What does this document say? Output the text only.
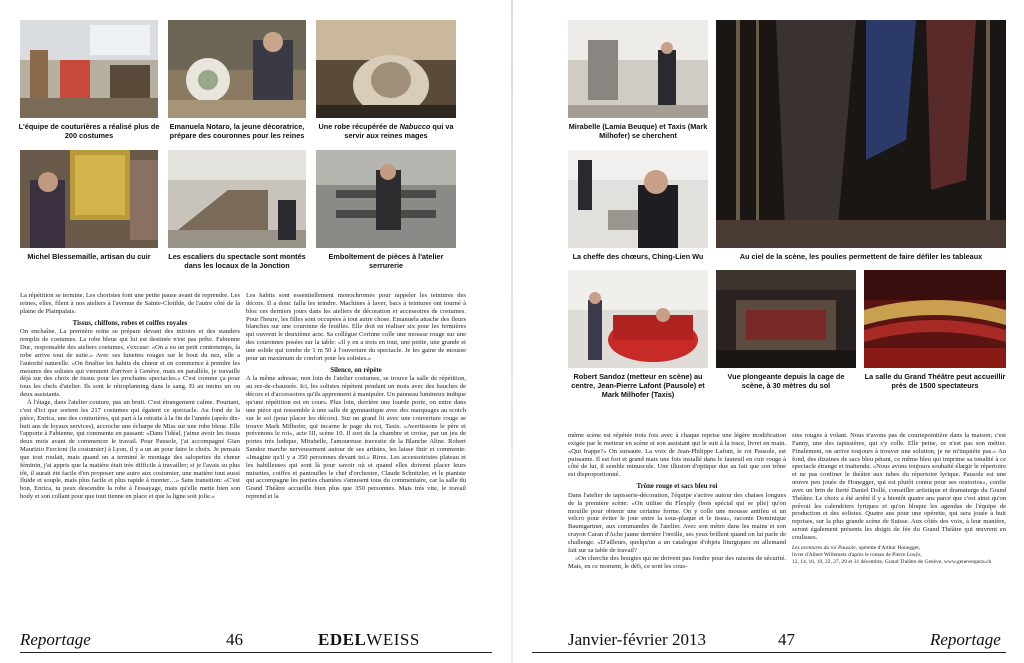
L'équipe de couturières a réalisé plus de 200 costumes
Emanuela Notaro, la jeune décoratrice, prépare des couronnes pour les reines
Une robe récupérée de Nabucco qui va servir aux reines mages
Michel Blessemaille, artisan du cuir	Les escaliers du spectacle sont montés dans les locaux de la Jonction
Emboîtement de pièces à l'atelier serrurerie

La répétition se termine. Les choristes font une petite pause avant de reprendre. Les reines, elles, filent à nos ateliers à l'avenue de Sainte-Clotilde, de l'autre côté de la plaine de Plainpalais.

Tissus, chiffons, robes et coiffes royales

On enchaîne. La première reine se prépare devant des miroirs et des standers remplis de costumes. La robe bleue qui lui est destinée n'est pas prête. Fabienne Duc, responsable des ateliers costumes, s'excuse: «On a eu un petit contretemps, la robe arrive tout de suite.» Avec ses lunettes rouges sur le bout du nez, elle a l'autorité naturelle. «On finalise les habits du chœur et on commence à prendre les mesures des solistes qui viennent d'arriver à Genève, mais en parallèle, je travaille déjà sur des choix de tissus pour les prochains spectacles.» C'est comme ça pour tous les chefs d'atelier. Ils sont le rétroplanning dans le sang. Et au moins un ou deux assistants.

À l'étage, dans l'atelier couture, pas un bruit. C'est étrangement calme. Pourtant, c'est d'ici que sortent les 217 costumes qui égaient ce spectacle. Au fond de la pièce, Enrica, une des couturières, qui part à la retraite à la fin de l'année (après dix-huit ans de loyaux services), accroche une écharpe de Miss sur une robe bleue. Elle l'apporte à Fabienne, qui commente en passant: «Dans l'idéal, j'aime avoir les tissus deux mois avant de commencer le travail. Pour Pausole, j'ai accompagné Gian Maurizio Fercioni (le costumier) à Lyon, il y a un an pour faire le choix. Je pensais que tout roulait, mais quand on a terminé le montage des salopettes du chœur féminin, j'ai appris que la matière était très difficile à travailler; si je l'avais su plus tôt, il aurait été facile d'en proposer une autre aux costumier, une matière tout aussi fluide et souple, mais plus facile et plus rapide à monter…» Sans transition: «C'est bon, Enrica, tu peux descendre la robe à l'essayage, mais qu'elle mette bien son body et son collant pour que tout tienne en place et que la ligne soit jolie.»

Les habits sont essentiellement monochromes pour rappeler les teintures des décors. Il a donc fallu les teindre. Machines à laver, bacs à teintures ont tourné à bloc ces derniers jours dans les ateliers de décoration et accessoires de costumes. Pour l'heure, les filles sont occupées à tout autre chose. Emanuela attache des fleurs blanches sur une couronne de feuilles. Elle doit en réaliser six pour les fermières qui ouvrent le deuxième acte. Sa collègue Corinne colle une mousse rouge sur une des couronnes posées sur la table: «Il y en a trois en tout, une petite, une grande et une solide qui tombe de 1 m 50 à l'ouverture du spectacle. Je les gaine de mousse pour un maximum de confort pour les solistes.»

Silence, on répète

A la même adresse, non loin de l'atelier costumes, se trouve la salle de répétition, au rez-de-chaussée. Ici, les solistes répètent pendant un mois avec des bauches de décors et d'accessoires qu'ils apprennent à manipuler. Un panneau lumineux indique qu'une répétition est en cours. Plus loin, derrière une lourde porte, on entre dans une pièce qui ressemble à une salle de gymnastique avec des marquages au scotch sur le sol (pour placer les décors). Sur un grand lit avec une couverture rouge se trouve Mark Milhofer, qui incarne le page du roi, Taxis. «Avertissons le père et prévenons le roi», acte III, scène 10. Il sort de la chambre et croise, par un jeu de portes très ludique, Mirabelle, l'amoureuse travestie de la Blanche Aline. Robert Sandoz marche nerveusement autour de ses artistes, les laisse finir et commente: «Imagine qu'il y a 350 personnes devant toi.» Rires. Les accessoiristes plateau et les habilleuses qui sont là pour savoir où et quand elles doivent placer leurs nuisettes, coiffes et pantoufles le chef d'orchestre, Claude Schnitzler, et le pianiste qui accompagne les parties chantées s'amusent tous du commentaire, car la salle du Grand Théâtre accueille bien plus que 350 personnes. Mais très vite, le travail reprend et la

Reportage	46	EDELWEISS
Mirabelle (Lamia Beuque) et Taxis (Mark Milhofer) se cherchent
La cheffe des chœurs, Ching-Lien Wu	Au ciel de la scène, les poulies permettent de faire défiler les tableaux
Robert Sandoz (metteur en scène) au centre, Jean-Pierre Lafont (Pausole) et Mark Milhofer (Taxis)
Vue plongeante depuis la cage de scène, à 30 mètres du sol
La salle du Grand Théâtre peut accueillir près de 1500 spectateurs

même scène est répétée trois fois avec à chaque reprise une légère modification exigée par le metteur en scène et son assistant qui le suit à la trace, livret en main. «Qui frappe?» On sursaute. La voix de Jean-Philippe Lafont, le roi Pausole, est puissante. Il est fort et grand mais une fois installé dans le fauteuil en cuir rouge à côté de lui, il semble minuscule. Une illusion d'optique due au fait que son trône est disproportionné.

Trône rouge et sacs bleu roi

Dans l'atelier de tapisserie-décoration, l'équipe s'active autour des chaises longues de la première scène: «On utilise du Flexply (bois spécial qui se plie) qu'on mouille pour obtenir une certaine forme. On y colle une mousse antifeu et un velcro pour éviter le jour entre la sous-plaque et le tissu», raconte Dominique Baumgartner, aux commandes de l'atelier. Avec son mètre dans les mains et son crayon Caran d'Ache jaune derrière l'oreille, ses yeux brillent quand on lui parle de challenge. «D'ailleurs, quelqu'un a un catalogue d'objets liturgiques en allemand fait sur sa table de travail?

«On cherche des bougies qui ne doivent pas fondre pour des raisons de sécurité. Mais, en ce moment, le défi, ce sont les cous-

sins rouges à volant. Nous n'avons pas de courtepointière dans la maison; c'est Fanny, une des tapissières, qui s'y colle. Elle peine, ce n'est pas son métier. Finalement, on arrive toujours à trouver une solution, je ne m'inquiète pas.» Au fond, des dizaines de sacs bleu pétant, ce même bleu qui imprime sa tonalité à ce spectacle étrange et inattendu. «Nous avons toujours souhaité élargir le répertoire et ne pas confiner le théâtre aux tubes du répertoire lyrique. Pausole est une œuvre peu jouée de Honegger, qui est plutôt connu pour ses oratorios», confie avec un brin de fierté Daniel Dollé, conseiller artistique et dramaturge du Grand Théâtre. Le choix a été arrêté il y a bientôt quatre ans parce que c'est ainsi qu'on prévoit les calendriers lyriques et qu'on bloque les agendas de l'équipe de production et des solistes. Quatre ans pour une opérette, qui sera jouée à huit reprises, sur la plus grande scène de Suisse. Aux côtés des voix, à leur manière, seront également présents les doigts de fée du Grand Théâtre qui œuvrent en coulisses.

Les aventures du roi Pausole, opérette d'Arthur Honegger,
livret d'Albert Willemetz d'après le roman de Pierre Louÿs,
12, 14, 16, 19, 22, 27, 29 et 31 décembre, Grand Théâtre de Genève, www.geneveopera.ch
Janvier-février 2013	47	Reportage
